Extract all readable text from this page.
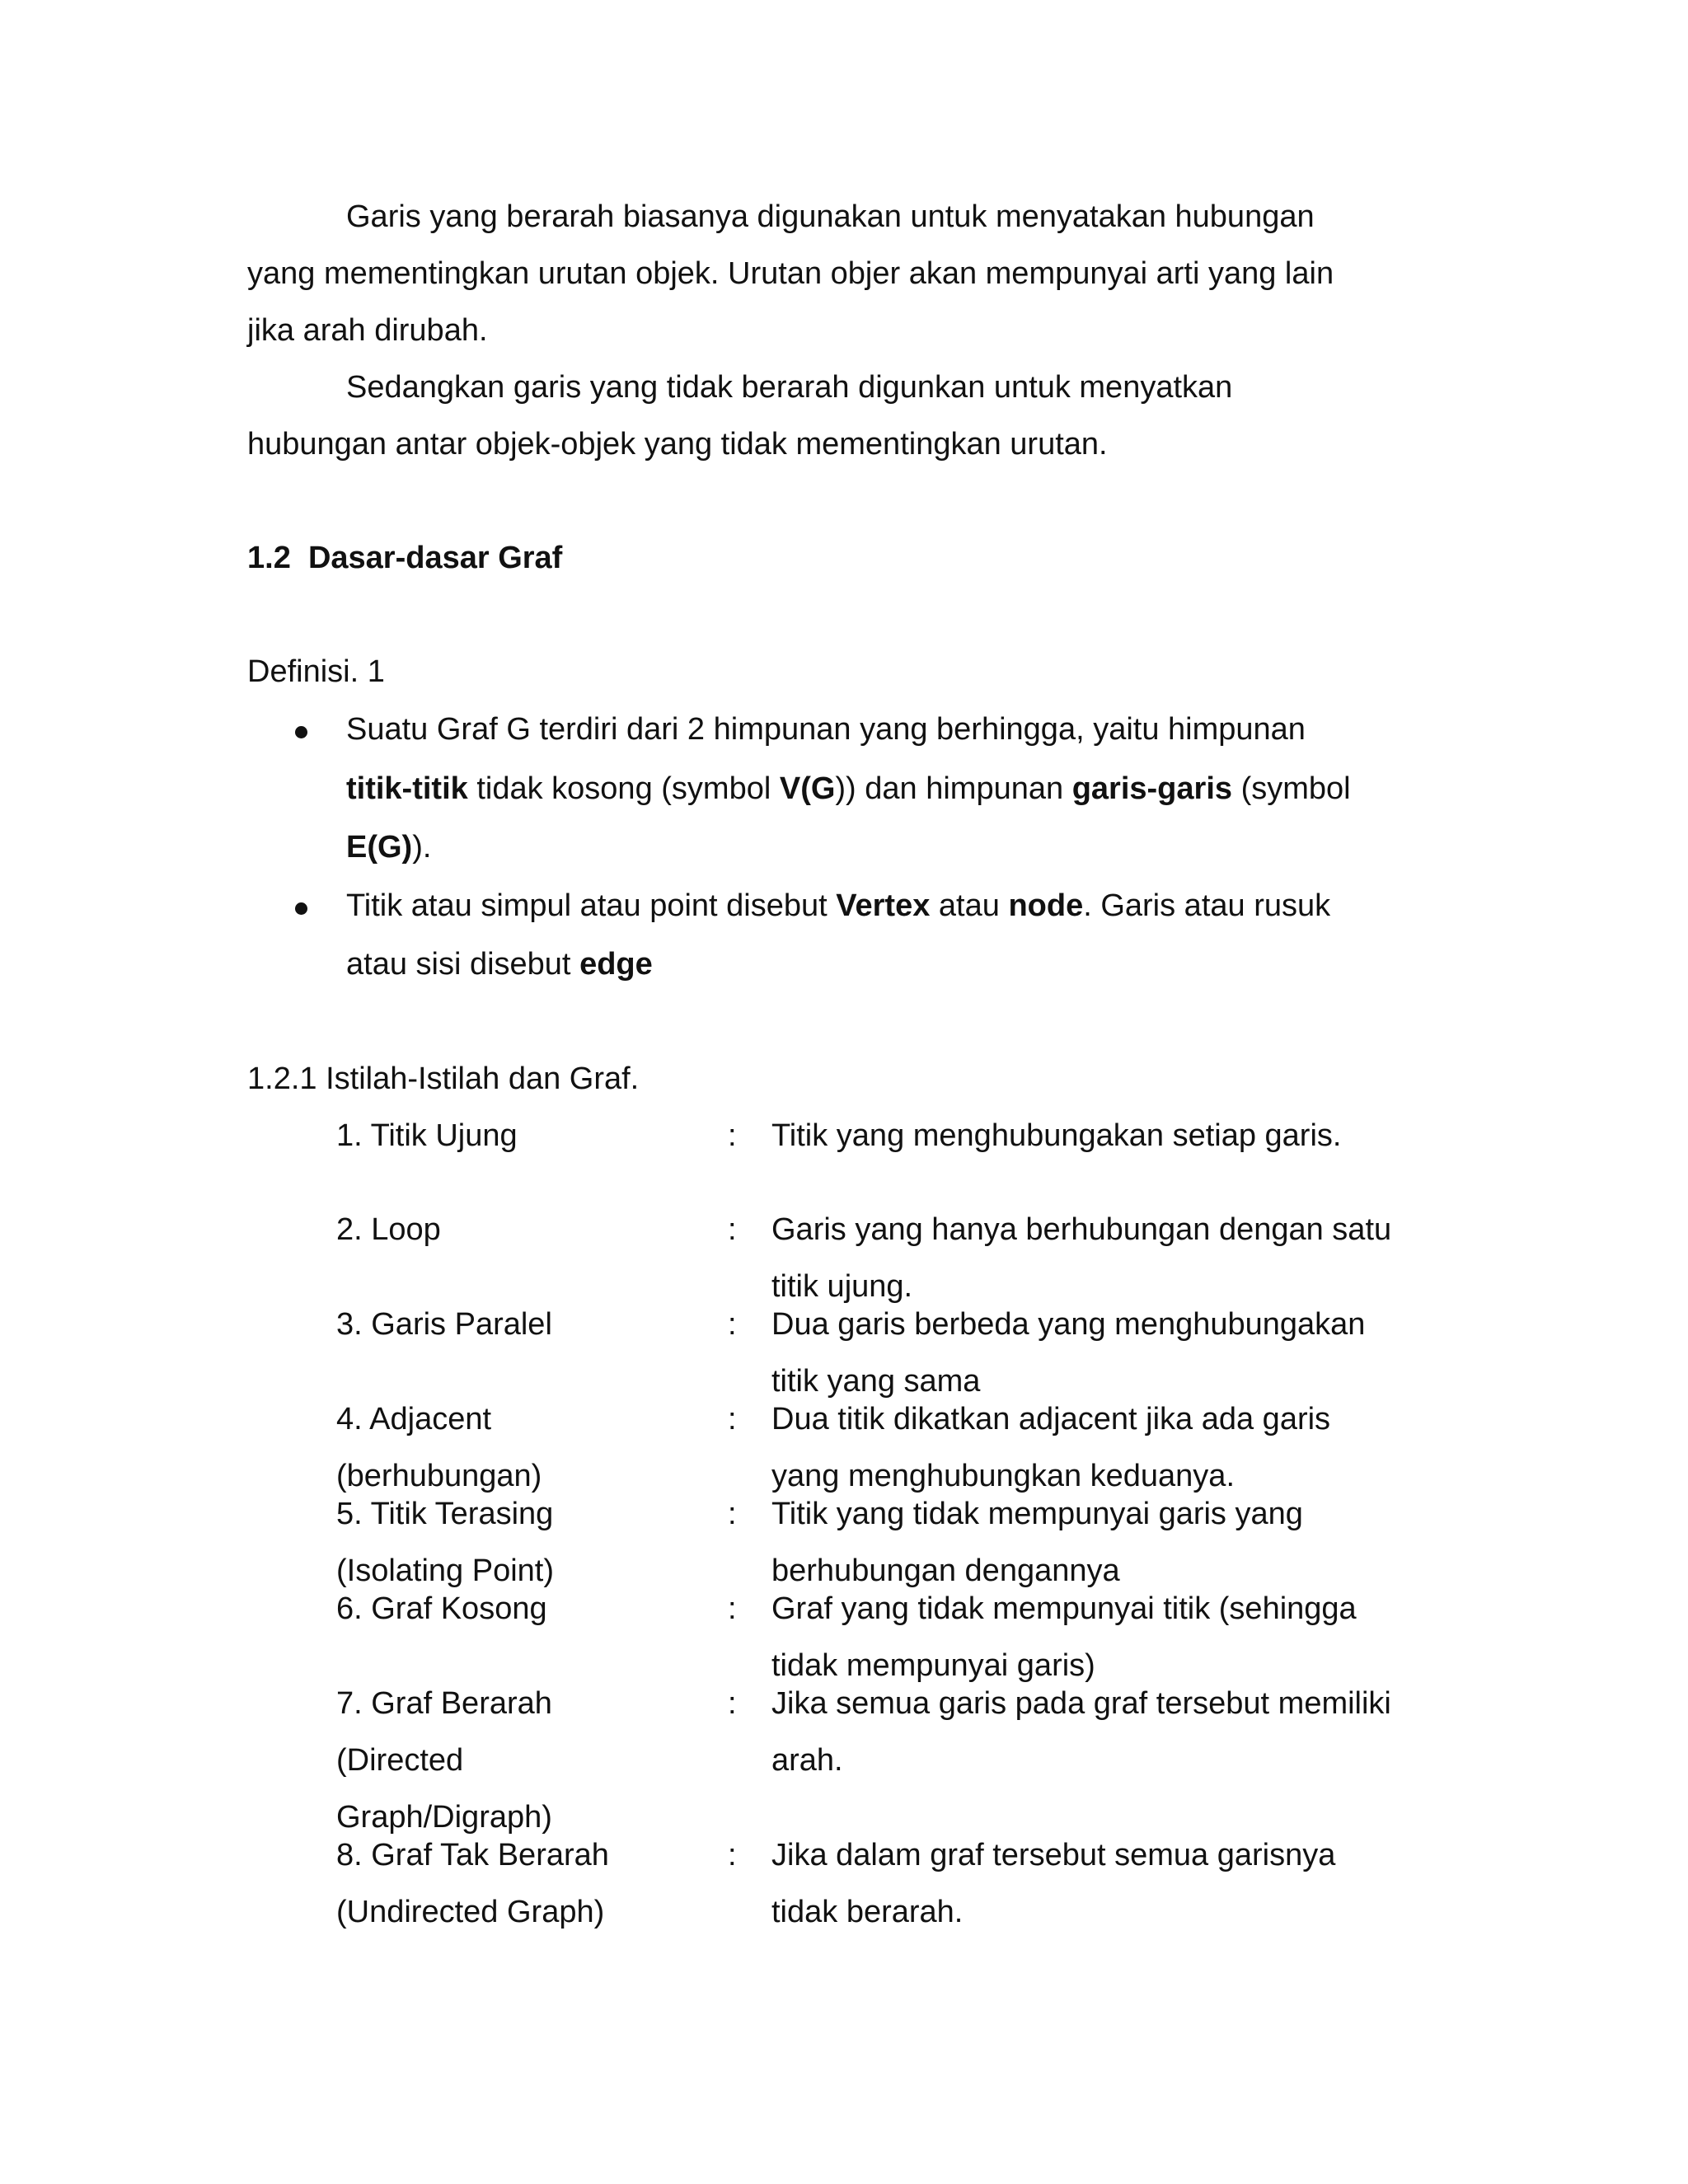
Garis yang berarah biasanya digunakan untuk menyatakan hubungan
yang mementingkan urutan objek. Urutan objer akan mempunyai arti yang lain
jika arah dirubah.
Sedangkan garis yang tidak berarah digunkan untuk menyatkan
hubungan antar objek-objek yang tidak mementingkan urutan.
1.2 Dasar-dasar Graf
Definisi. 1
Suatu Graf G terdiri dari 2 himpunan yang berhingga, yaitu himpunan
titik-titik tidak kosong (symbol V(G)) dan himpunan garis-garis (symbol
E(G)).
Titik atau simpul atau point disebut Vertex atau node. Garis atau rusuk
atau sisi disebut edge
1.2.1 Istilah-Istilah dan Graf.
1. Titik Ujung	: Titik yang menghubungakan setiap garis.
2. Loop	: Garis yang hanya berhubungan dengan satu
titik ujung.
3. Garis Paralel	: Dua garis berbeda yang menghubungakan
titik yang sama
4. Adjacent
(berhubungan)
: Dua titik dikatkan adjacent jika ada garis
yang menghubungkan keduanya.
5. Titik Terasing
(Isolating Point)
: Titik yang tidak mempunyai garis yang
berhubungan dengannya
6. Graf Kosong	: Graf yang tidak mempunyai titik (sehingga
tidak mempunyai garis)
7. Graf Berarah
(Directed
Graph/Digraph)
: Jika semua garis pada graf tersebut memiliki
arah.
8. Graf Tak Berarah
(Undirected Graph)
: Jika dalam graf tersebut semua garisnya
tidak berarah.
